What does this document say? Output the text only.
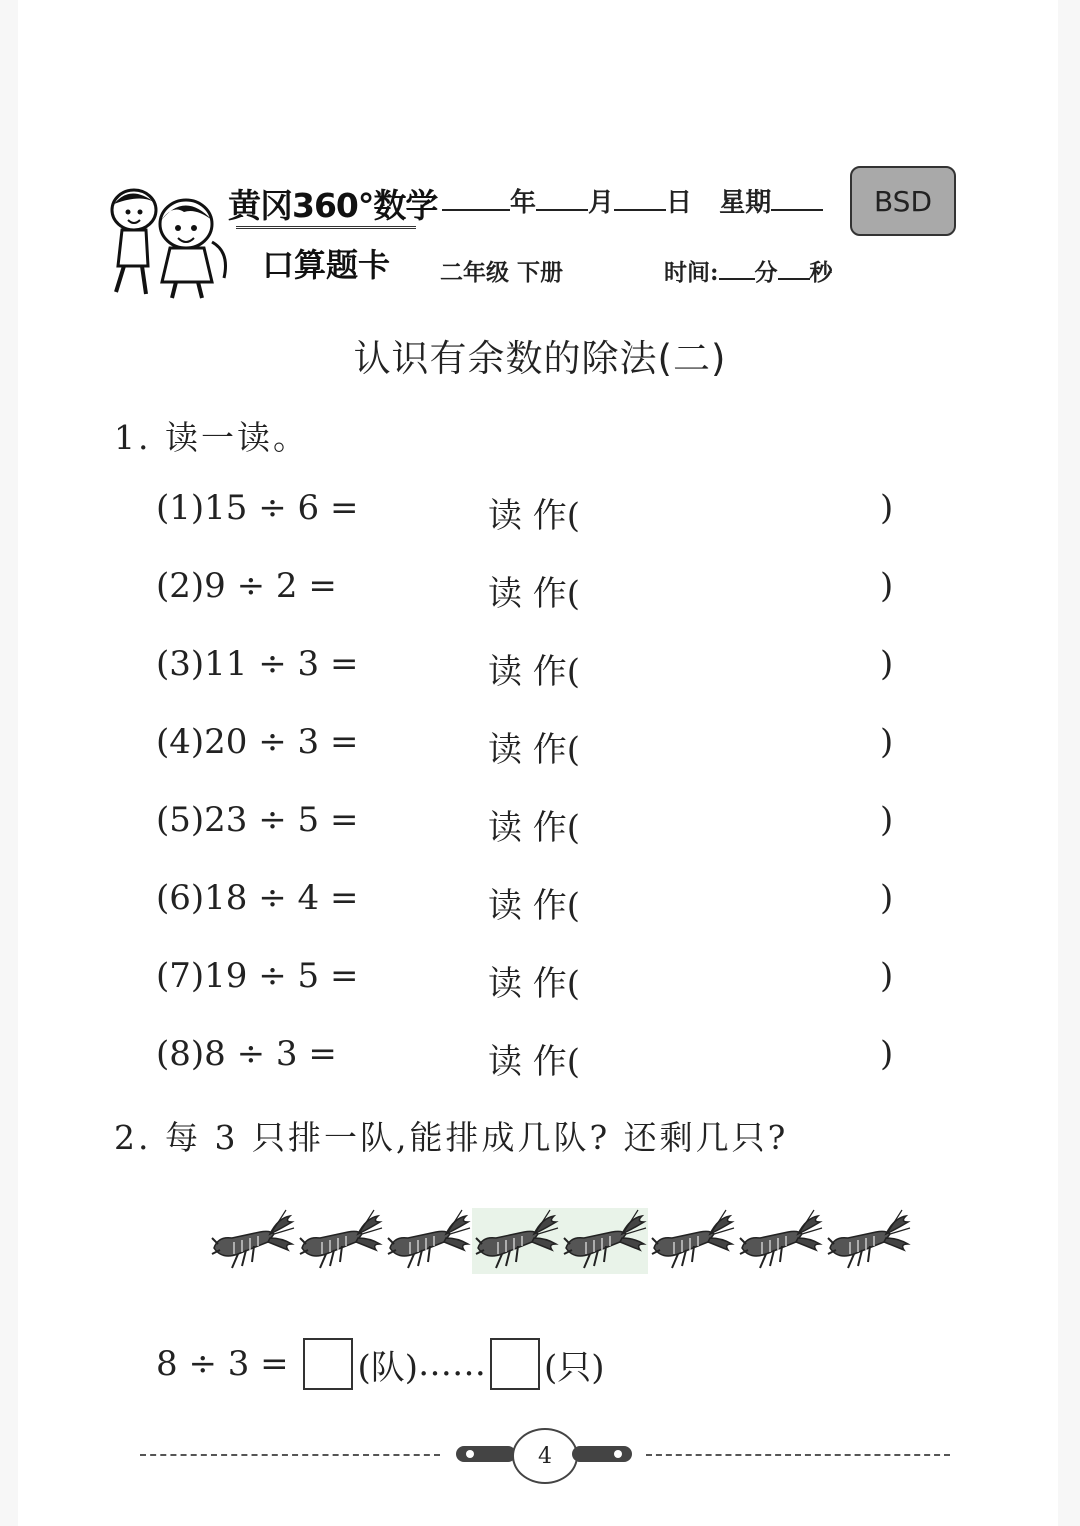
黄冈360°数学
口算题卡
年 月 日 星期	BSD
二年级 下册	时间: 分 秒
认识有余数的除法(二)
1. 读一读。
(1)15 ÷ 6 =	读 作(	)
(2)9 ÷ 2 =	读 作(	)
(3)11 ÷ 3 =	读 作(	)
(4)20 ÷ 3 =	读 作(	)
(5)23 ÷ 5 =	读 作(	)
(6)18 ÷ 4 =	读 作(	)
(7)19 ÷ 5 =	读 作(	)
(8)8 ÷ 3 =	读 作(	)
2. 每 3 只排一队,能排成几队? 还剩几只?
8 ÷ 3 = (队) …… (只)
4
